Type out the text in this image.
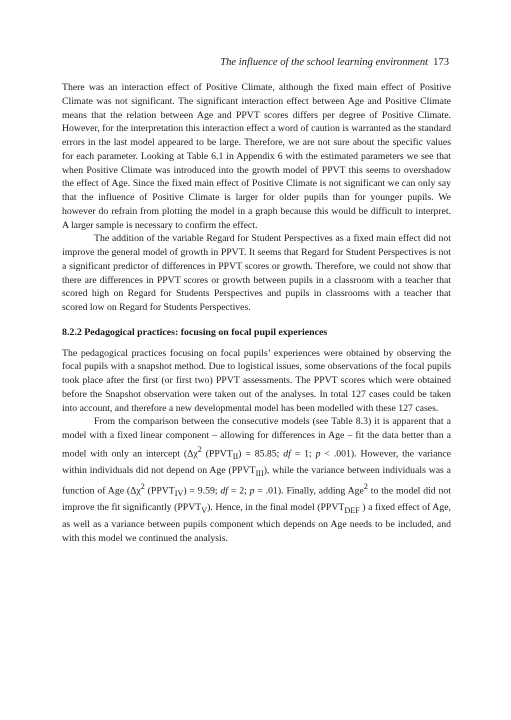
The influence of the school learning environment 173

There was an interaction effect of Positive Climate, although the fixed main effect of Positive Climate was not significant. The significant interaction effect between Age and Positive Climate means that the relation between Age and PPVT scores differs per degree of Positive Climate. However, for the interpretation this interaction effect a word of caution is warranted as the standard errors in the last model appeared to be large. Therefore, we are not sure about the specific values for each parameter. Looking at Table 6.1 in Appendix 6 with the estimated parameters we see that when Positive Climate was introduced into the growth model of PPVT this seems to overshadow the effect of Age. Since the fixed main effect of Positive Climate is not significant we can only say that the influence of Positive Climate is larger for older pupils than for younger pupils. We however do refrain from plotting the model in a graph because this would be difficult to interpret. A larger sample is necessary to confirm the effect.

The addition of the variable Regard for Student Perspectives as a fixed main effect did not improve the general model of growth in PPVT. It seems that Regard for Student Perspectives is not a significant predictor of differences in PPVT scores or growth. Therefore, we could not show that there are differences in PPVT scores or growth between pupils in a classroom with a teacher that scored high on Regard for Students Perspectives and pupils in classrooms with a teacher that scored low on Regard for Students Perspectives.

8.2.2 Pedagogical practices: focusing on focal pupil experiences

The pedagogical practices focusing on focal pupils’ experiences were obtained by observing the focal pupils with a snapshot method. Due to logistical issues, some observations of the focal pupils took place after the first (or first two) PPVT assessments. The PPVT scores which were obtained before the Snapshot observation were taken out of the analyses. In total 127 cases could be taken into account, and therefore a new developmental model has been modelled with these 127 cases.

From the comparison between the consecutive models (see Table 8.3) it is apparent that a model with a fixed linear component – allowing for differences in Age – fit the data better than a model with only an intercept ($\Delta\chi^2$ $(PPVT_{II}) = 85.85$; df = 1; p < .001). However, the variance within individuals did not depend on Age $(PPVT_{III})$, while the variance between individuals was a function of Age ($\Delta\chi^2$ $(PPVT_{IV}) = 9.59$; df = 2; p = .01). Finally, adding Age$^2$ to the model did not improve the fit significantly $(PPVT_V)$. Hence, in the final model ($PPVT_{DEF}$ ) a fixed effect of Age, as well as a variance between pupils component which depends on Age needs to be included, and with this model we continued the analysis.
